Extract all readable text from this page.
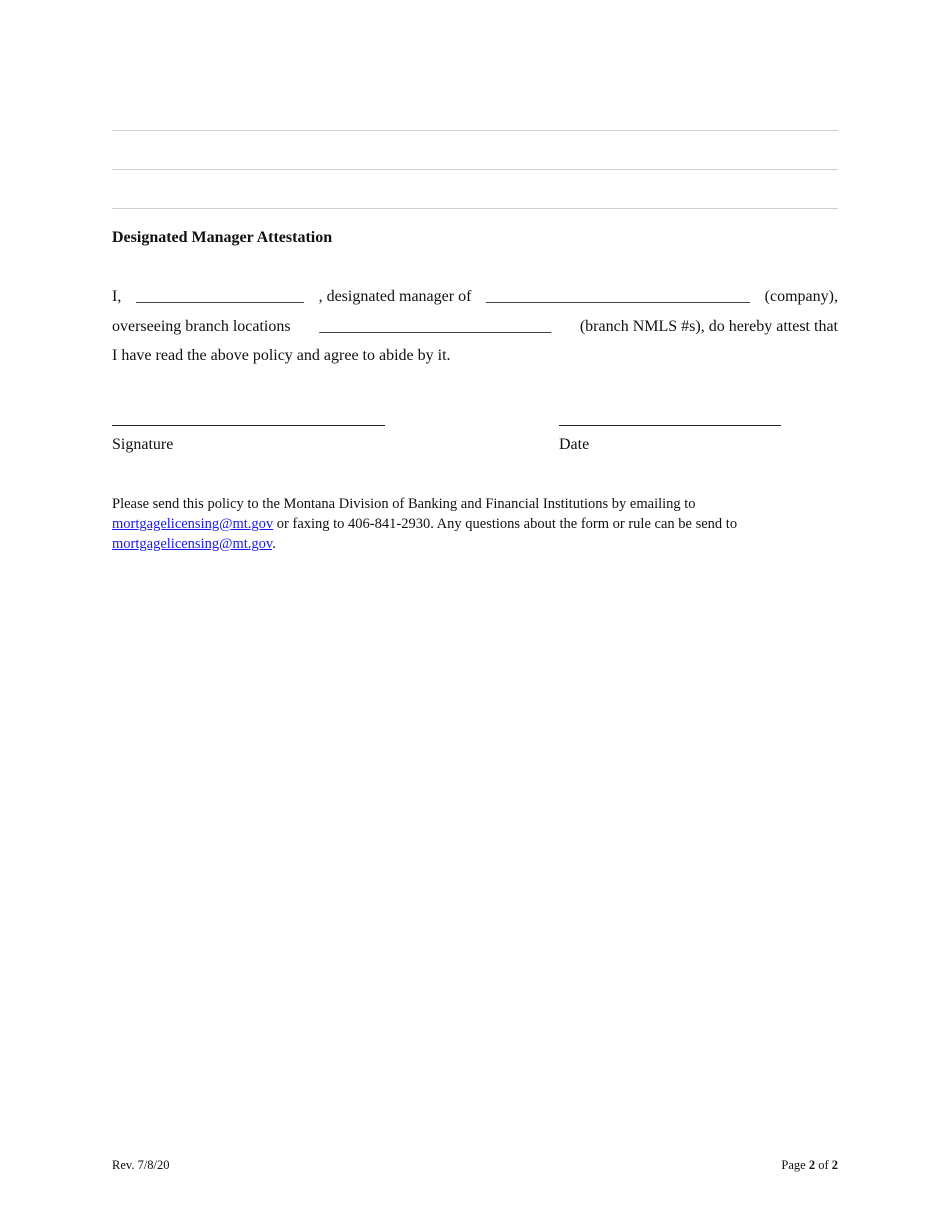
Designated Manager Attestation
I, _____________________ , designated manager of _________________________________ (company),
overseeing branch locations _____________________________ (branch NMLS #s), do hereby attest that
I have read the above policy and agree to abide by it.
Signature	Date
Please send this policy to the Montana Division of Banking and Financial Institutions by emailing to
mortgagelicensing@mt.gov or faxing to 406-841-2930. Any questions about the form or rule can be send to
mortgagelicensing@mt.gov.
Rev. 7/8/20	Page 2 of 2
